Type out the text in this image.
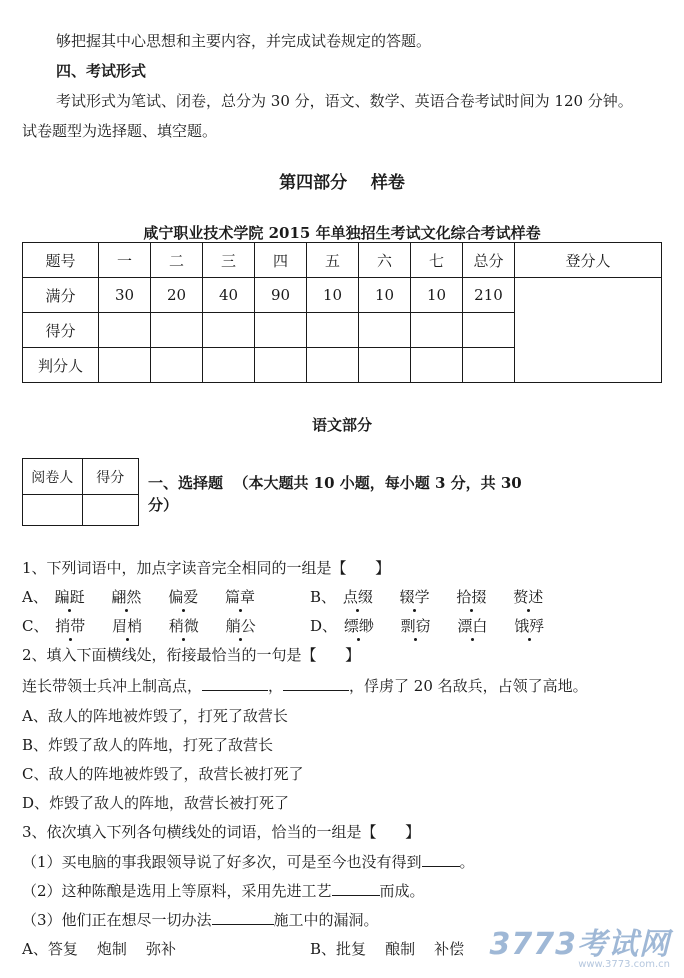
够把握其中心思想和主要内容，并完成试卷规定的答题。
四、考试形式
考试形式为笔试、闭卷，总分为 30 分，语文、数学、英语合卷考试时间为 120 分钟。
试卷题型为选择题、填空题。
第四部分    样卷
咸宁职业技术学院 2015 年单独招生考试文化综合考试样卷
题号	一	二	三	四	五	六	七	总分	登分人
满分	30	20	40	90	10	10	10	210	
得分									
判分人									
语文部分
阅卷人	得分
	一、选择题  （本大题共 10 小题，每小题 3 分，共 30
分）
1、下列词语中，加点字读音完全相同的一组是【      】
A、 蹁跹 翩然 偏爱 篇章	B、 点缀 辍学 拾掇 赘述
C、 捎带 眉梢 稍微 艄公	D、 缥缈 剽窃 漂白 饿殍
2、填入下面横线处，衔接最恰当的一句是【      】
连长带领士兵冲上制高点，	，	，俘虏了 20 名敌兵，占领了高地。
A、敌人的阵地被炸毁了，打死了敌营长
B、炸毁了敌人的阵地，打死了敌营长
C、敌人的阵地被炸毁了，敌营长被打死了
D、炸毁了敌人的阵地，敌营长被打死了
3、依次填入下列各句横线处的词语，恰当的一组是【      】
（1）买电脑的事我跟领导说了好多次，可是至今也没有得到	。
（2）这种陈酿是选用上等原料，采用先进工艺	而成。
（3）他们正在想尽一切办法	施工中的漏洞。
A、答复    炮制    弥补	B、批复    酿制    补偿 3773考试网
www.3773.com.cn
